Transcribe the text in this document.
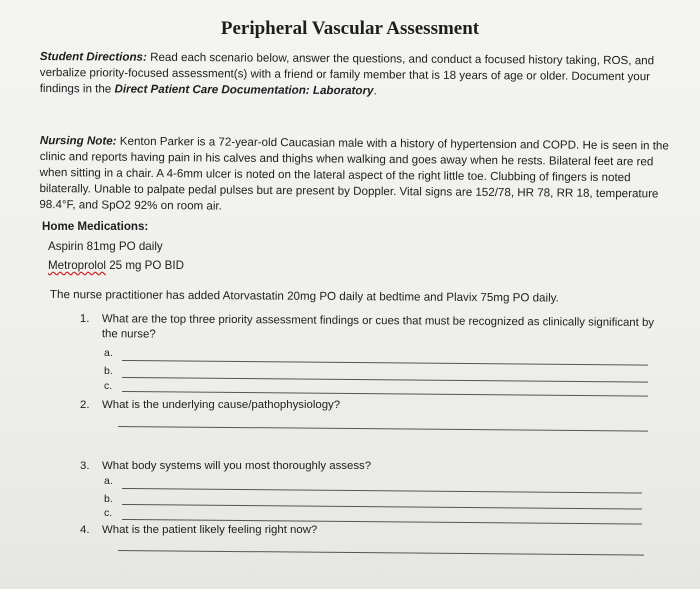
Peripheral Vascular Assessment
Student Directions: Read each scenario below, answer the questions, and conduct a focused history taking, ROS, and verbalize priority-focused assessment(s) with a friend or family member that is 18 years of age or older. Document your findings in the Direct Patient Care Documentation: Laboratory.
Nursing Note: Kenton Parker is a 72-year-old Caucasian male with a history of hypertension and COPD. He is seen in the clinic and reports having pain in his calves and thighs when walking and goes away when he rests. Bilateral feet are red when sitting in a chair. A 4-6mm ulcer is noted on the lateral aspect of the right little toe. Clubbing of fingers is noted bilaterally. Unable to palpate pedal pulses but are present by Doppler. Vital signs are 152/78, HR 78, RR 18, temperature 98.4°F, and SpO2 92% on room air.
Home Medications:
Aspirin 81mg PO daily
Metroprolol 25 mg PO BID
The nurse practitioner has added Atorvastatin 20mg PO daily at bedtime and Plavix 75mg PO daily.
1. What are the top three priority assessment findings or cues that must be recognized as clinically significant by the nurse?
a.
b.
c.
2. What is the underlying cause/pathophysiology?
3. What body systems will you most thoroughly assess?
a.
b.
c.
4. What is the patient likely feeling right now?
